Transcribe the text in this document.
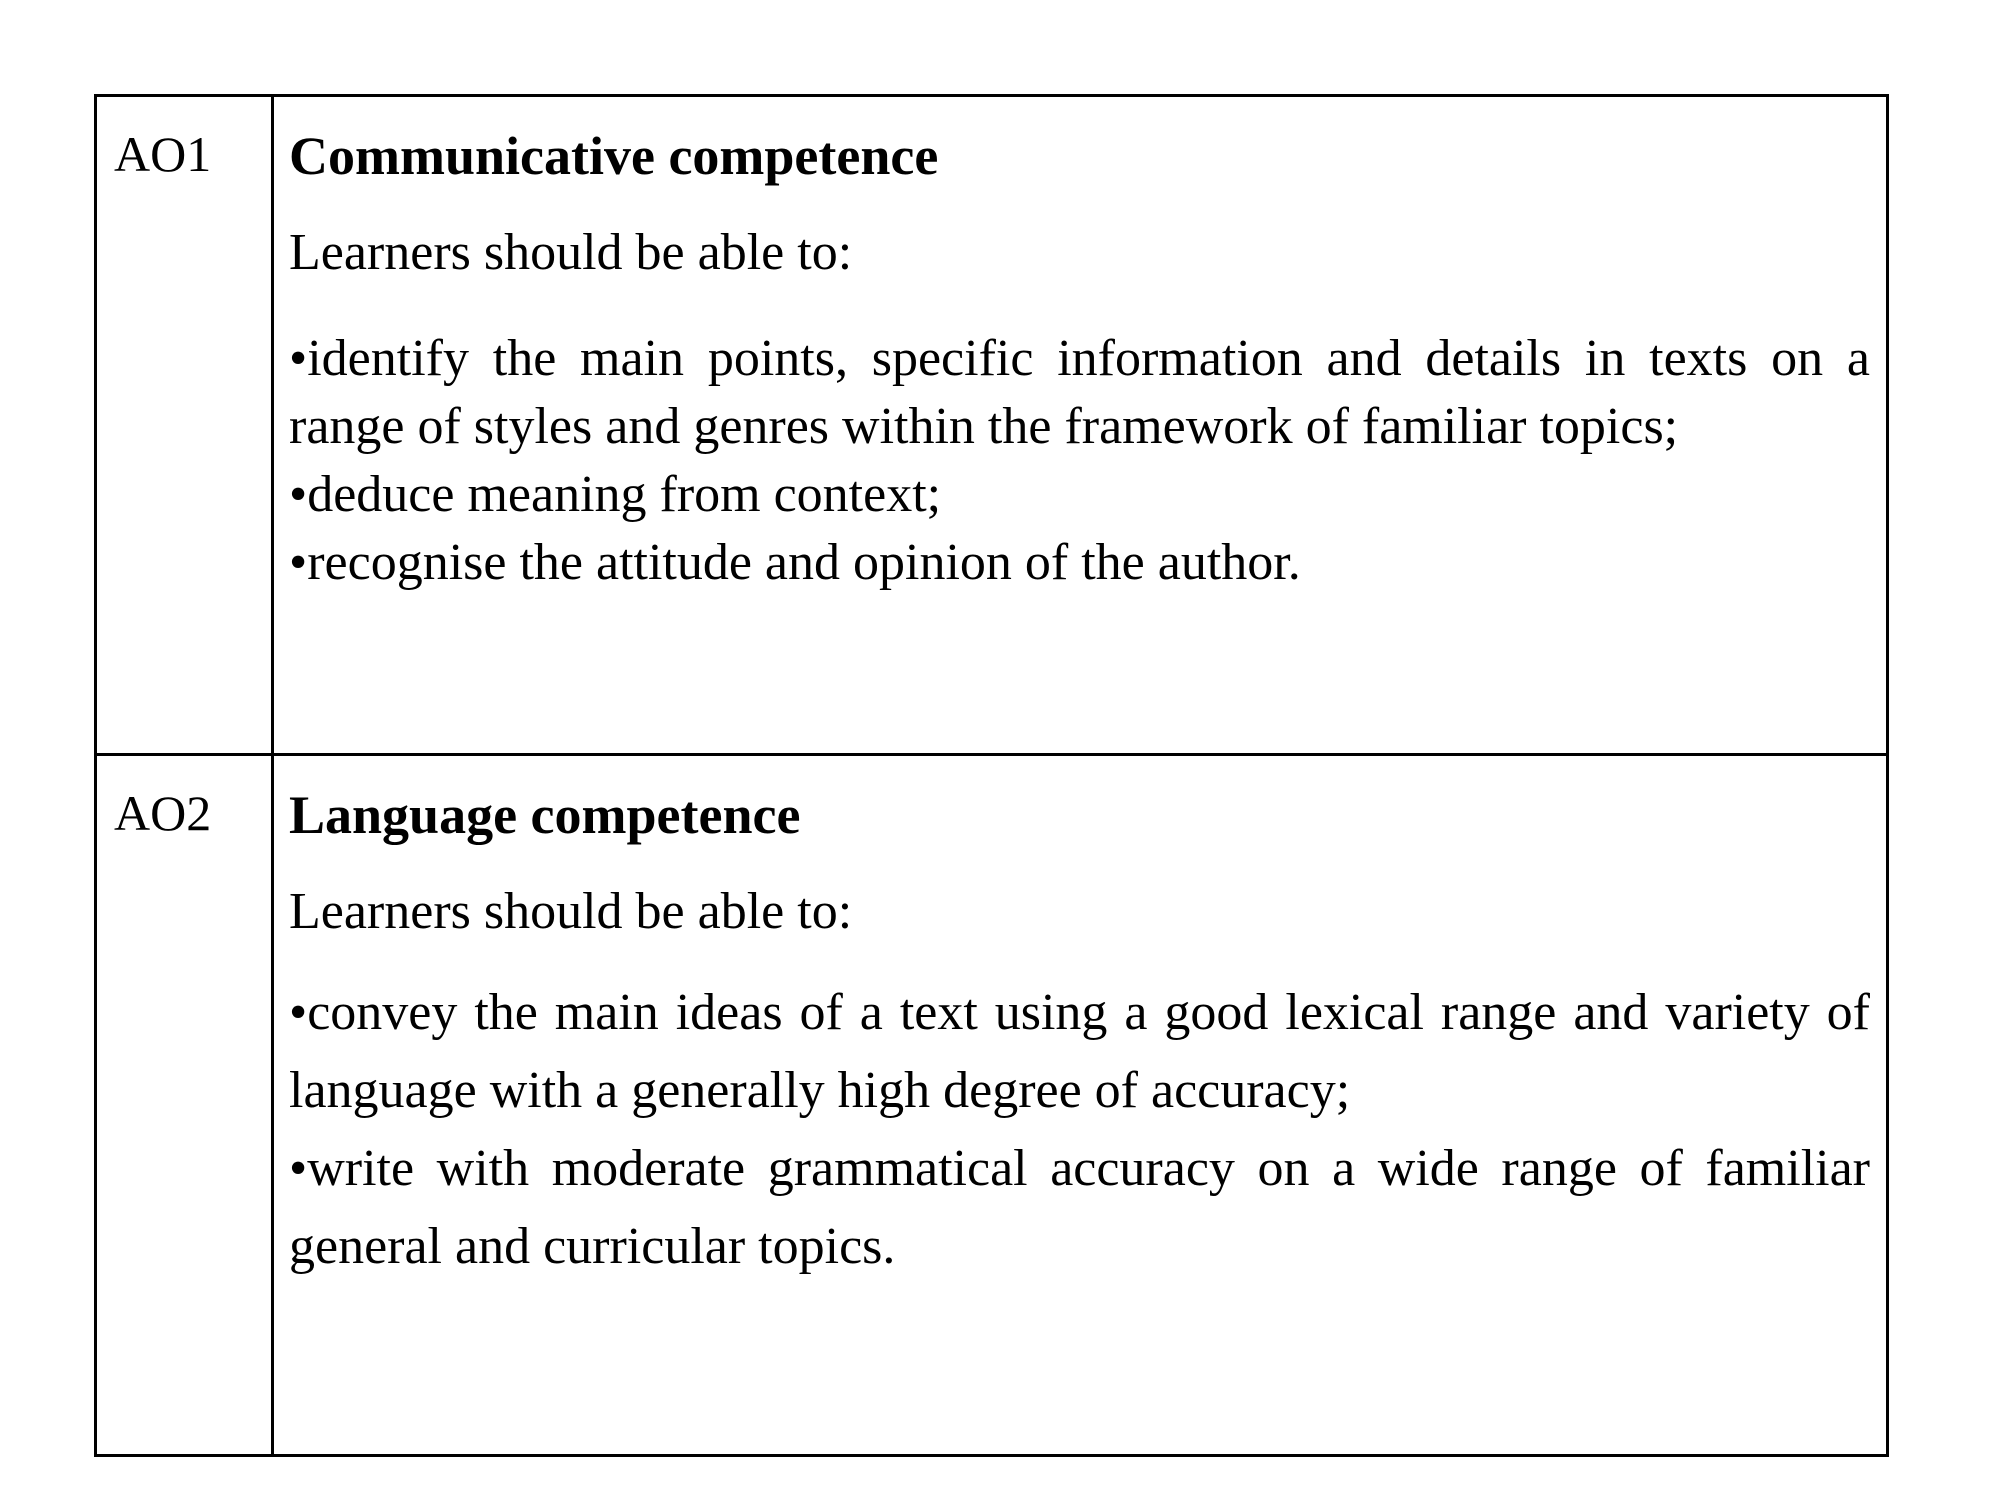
AO1	Communicative competence

Learners should be able to:

•identify the main points, specific information and details in texts on a range of styles and genres within the framework of familiar topics;

•deduce meaning from context;

•recognise the attitude and opinion of the author.

AO2	Language competence

Learners should be able to:

•convey the main ideas of a text using a good lexical range and variety of language with a generally high degree of accuracy;

•write with moderate grammatical accuracy on a wide range of familiar general and curricular topics.
